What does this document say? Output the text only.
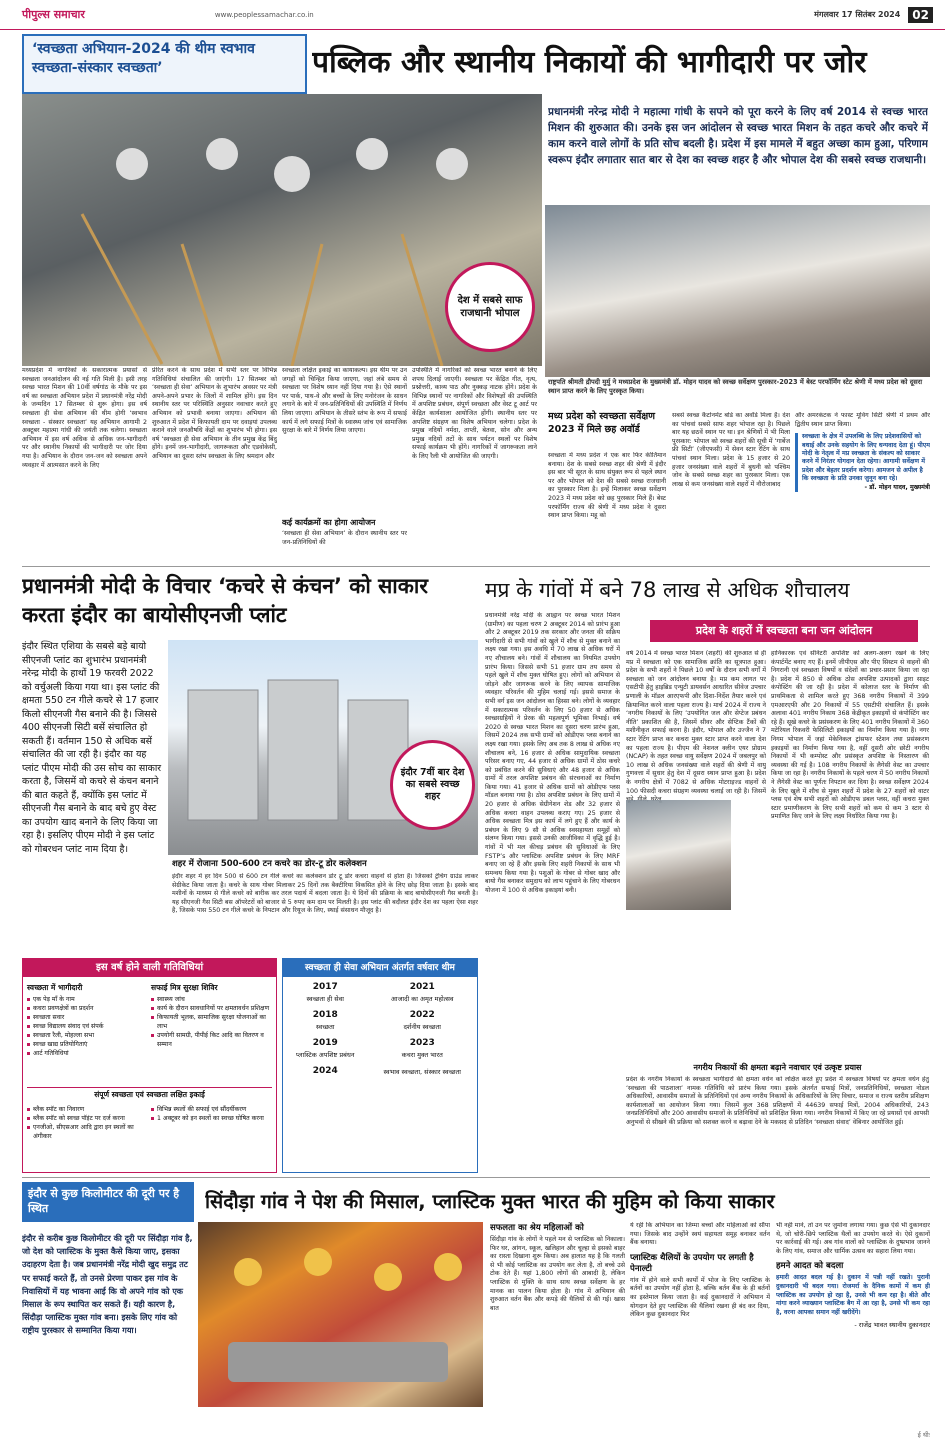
पीपुल्स समाचार	www.peoplessamachar.co.in	मंगलवार 17 सितंबर 2024	02
‘स्वच्छता अभियान-2024 की थीम स्वभाव स्वच्छता-संस्कार स्वच्छता’	पब्लिक और स्थानीय निकायों की भागीदारी पर जोर
देश में सबसे साफ राजधानी भोपाल
प्रधानमंत्री नरेन्द्र मोदी ने महात्मा गांधी के सपने को पूरा करने के लिए वर्ष 2014 से स्वच्छ भारत मिशन की शुरुआत की। उनके इस जन आंदोलन से स्वच्छ भारत मिशन के तहत कचरे और कचरे में काम करने वाले लोगों के प्रति सोच बदली है। प्रदेश में इस मामले में बहुत अच्छा काम हुआ, परिणाम स्वरूप इंदौर लगातार सात बार से देश का स्वच्छ शहर है और भोपाल देश की सबसे स्वच्छ राजधानी।
राष्ट्रपति श्रीमती द्रौपदी मुर्मु ने मध्यप्रदेश के मुख्यमंत्री डॉ. मोहन यादव को स्वच्छ सर्वेक्षण पुरस्कार-2023 में बेस्ट परफॉर्मिंग स्टेट श्रेणी में मध्य प्रदेश को दूसरा स्थान प्राप्त करने के लिए पुरस्कृत किया।
मध्यप्रदेश में नागरिकों के सकारात्मक प्रयासों से स्वच्छता जनआंदोलन की नई गति मिली है। इसी तरह स्वच्छ भारत मिशन की 10वीं वर्षगांठ के मौके पर इस वर्ष का स्वच्छता अभियान प्रदेश में प्रधानमंत्री नरेंद्र मोदी के जन्मदिन 17 सितम्बर से शुरू होगा। इस वर्ष स्वच्छता ही सेवा अभियान की थीम होगी ‘स्वभाव स्वच्छता - संस्कार स्वच्छता’ यह अभियान आगामी 2 अक्टूबर महात्मा गांधी की जयंती तक चलेगा। स्वच्छता अभियान में इस वर्ष अधिक से अधिक जन-भागीदारी पर और स्थानीय निकायों की भागीदारी पर जोर दिया गया है। अभियान के दौरान जन-जन को स्वच्छता अपने व्यवहार में आत्मसात करने के लिए
प्रेरित करने के साथ प्रदेश में सभी स्तर पर विभिन्न गतिविधियां संचालित की जाएंगी। 17 सितम्बर को ‘स्वच्छता ही सेवा’ अभियान के शुभारंभ अवसर पर मंत्री अपने-अपने प्रभार के जिलों में शामिल होंगे। इस दिन स्थानीय स्तर पर परिस्थिति अनुसार नवाचार करते हुए अभियान को प्रभावी बनाया जाएगा। अभियान की शुरुआत में प्रदेश में किफायती दाम पर दवाइयां उपलब्ध कराने वाले जनऔषधि केंद्रों का शुभारंभ भी होगा। इस वर्ष ‘स्वच्छता ही सेवा अभियान के तीन प्रमुख केंद्र बिंदु होंगे। इनमें जन-भागीदारी, जागरूकता और एडवोकेसी, अभियान का दूसरा स्तंभ स्वच्छता के लिए श्रमदान और
स्वच्छता लक्षित इकाई का कायाकल्प। इस थीम पर उन जगहों को चिन्हित किया जाएगा, जहां लंबे समय से स्वच्छता पर विशेष ध्यान नहीं दिया गया है। ऐसे स्थानों पर पार्क, पाथ-वे और बच्चों के लिए मनोरंजन के साधन लगाने के बारे में जन-प्रतिनिधियों की उपस्थिति में निर्णय लिया जाएगा। अभियान के तीसरे स्तंभ के रूप में सफाई कार्य में लगे सफाई मित्रों के स्वास्थ्य जांच एवं सामाजिक सुरक्षा के बारे में निर्णय लिया जाएगा।
कई कार्यक्रमों का होगा आयोजन
‘स्वच्छता ही सेवा अभियान’ के दौरान स्थानीय स्तर पर जन-प्रतिनिधियों की
उपस्थिति में नागरिकों को स्वच्छ भारत बनाने के लिए शपथ दिलाई जाएगी। स्वच्छता पर केंद्रित गीत, नृत्य, प्रश्नोत्तरी, काव्य पाठ और नुक्कड़ नाटक होंगे। प्रदेश के विभिन्न स्थानों पर नागरिकों और विशेषज्ञों की उपस्थिति में अपशिष्ट प्रबंधन, संपूर्ण स्वच्छता और वेस्ट टू आर्ट पर केंद्रित कार्यशाला आयोजित होंगी। स्थानीय स्तर पर अपशिष्ट संग्रहण का विशेष अभियान चलेगा। प्रदेश के प्रमुख नदियों नर्मदा, ताप्ती, बेतवा, सोन और अन्य प्रमुख नदियों तटों के साथ पर्यटन स्थलों पर विशेष सफाई कार्यक्रम भी होंगे। नागरिकों में जागरूकता लाने के लिए रैली भी आयोजित की जाएगी।
मध्य प्रदेश को स्वच्छता सर्वेक्षण 2023 में मिले छह अवॉर्ड
स्वच्छता में मध्य प्रदेश ने एक बार फिर कीर्तिमान बनाया। देश के सबसे स्वच्छ शहर की श्रेणी में इंदौर इस बार भी सूरत के साथ संयुक्त रूप से पहले स्थान पर और भोपाल को देश की सबसे स्वच्छ राजधानी का पुरस्कार मिला है। इन्हें मिलाकर स्वच्छ सर्वेक्षण 2023 में मध्य प्रदेश को छह पुरस्कार मिले हैं। बेस्ट परफॉर्मिंग राज्य की श्रेणी में मध्य प्रदेश ने दूसरा स्थान प्राप्त किया। महू को
सबसे स्वच्छ कैंटोनमेंट बोर्ड का अवॉर्ड मिला है। देश का पांचवां सबसे साफ शहर भोपाल रहा है। पिछले बार यह छठवें स्थान पर था। इन श्रेणियों में भी मिला पुरस्कार: भोपाल को स्वच्छ शहरों की सूची में ‘गार्बेज फ्री सिटी’ (जीएफसी) में सेवन स्टार रेटिंग के साथ पांचवां स्थान मिला। प्रदेश के 15 हजार से 20 हजार जनसंख्या वाले शहरों में बुधनी को पश्चिम जोन के सबसे स्वच्छ शहर का पुरस्कार मिला। एक लाख से कम जनसंख्या वाले शहरों में नौरोजाबाद
और अमरकंटक ने फास्ट मूविंग सिटी श्रेणी में प्रथम और द्वितीय स्थान प्राप्त किया।
स्वच्छता के क्षेत्र में उपलब्धि के लिए प्रदेशवासियों को बधाई और उनके सहयोग के लिए धन्यवाद देता हूं। पीएम मोदी के नेतृत्व में मप्र स्वच्छता के संकल्प को साकार करने में निरंतर योगदान देता रहेगा। आगामी सर्वेक्षण में प्रदेश और बेहतर प्रदर्शन करेगा। आमजन से अपील है कि स्वच्छता के प्रति उनका जुनून बना रहे।
- डॉ. मोहन यादव, मुख्यमंत्री
प्रधानमंत्री मोदी के विचार ‘कचरे से कंचन’ को साकार करता इंदौर का बायोसीएनजी प्लांट
इंदौर स्थित एशिया के सबसे बड़े बायो सीएनजी प्लांट का शुभारंभ प्रधानमंत्री नरेन्द्र मोदी के हाथों 19 फरवरी 2022 को वर्चुअली किया गया था। इस प्लांट की क्षमता 550 टन गीले कचरे से 17 हजार किलो सीएनजी गैस बनाने की है। जिससे 400 सीएनजी सिटी बसें संचालित हो सकती हैं। वर्तमान 150 से अधिक बसें संचालित की जा रही है। इंदौर का यह प्लांट पीएम मोदी की उस सोच का साकार करता है, जिसमें वो कचरे से कंचन बनाने की बात कहते हैं, क्योंकि इस प्लांट में सीएनजी गैस बनाने के बाद बचे हुए वेस्ट का उपयोग खाद बनाने के लिए किया जा रहा है। इसलिए पीएम मोदी ने इस प्लांट को गोबरधन प्लांट नाम दिया है।
इंदौर 7वीं बार देश का सबसे स्वच्छ शहर
शहर में रोजाना 500-600 टन कचरे का डोर-टू डोर कलेक्शन
इंदौर शहर में हर दिन 500 से 600 टन गीले कचरे का कलेक्शन डोर टू डोर कचरा वाहनों से होता है। जिसको ट्रेचिंग ग्राउंड लाकर सेग्रीकेट किया जाता है। कचरे के साथ गोबर मिलाकर 25 दिनों तक बैक्टीरिया विकसित होने के लिए छोड़ दिया जाता है। इसके बाद मशीनों के माध्यम से गीले कचरे को बारीक कर तरल पदार्थ में बदला जाता है। ये दिनों की प्रक्रिया के बाद बायोसीएनजी गैस बनती है। यह सीएनजी गैस सिटी बस ऑपरेटरों को बाजार से 5 रुपए कम दाम पर मिलती है। इस प्लांट की बदौलत इंदौर देश का पहला ऐसा शहर है, जिसके पास 550 टन गीले कचरे के निपटान और रियूज के लिए, स्थाई संसाधन मौजूद है।
इस वर्ष होने वाली गतिविधियां
स्वच्छता में भागीदारी
एक पेड़ माँ के नाम
कचरा प्रवणक्षेत्रों का प्रदर्शन
स्वच्छता सवार
स्वच्छ विद्यालय संवाद एवं संपर्क
स्वच्छता रैली, मोहल्ला सभा
स्वच्छ खाद्य प्रतियोगिताएं
आर्ट गतिविधियां
सफाई मित्र सुरक्षा शिविर
स्वास्थ्य जांच
कार्य के दौरान सावधानियों पर क्षमतावर्धन प्रशिक्षण
किफायती भूलक, सामाजिक सुरक्षा योजनाओं का लाभ
उपयोगी सामग्री, पीपीई किट आदि का वितरण व सम्मान
संपूर्ण स्वच्छता एवं स्वच्छता लक्षित इकाई
ब्लैक स्पॉट का निवारण
ब्लैक स्पॉट को स्वच्छ पॉइंट पर दर्ज करना
एनजीओ, सीएसआर आदि द्वारा इन स्थलों का अंगीकार
विभिन्न स्थलों की सफाई एवं सौंदर्यीकरण
1 अक्टूबर को इन स्थलों का स्वच्छ घोषित करना
स्वच्छता ही सेवा अभियान अंतर्गत वर्षवार थीम
2017	2021
स्वच्छता ही सेवा	आजादी का अमृत महोत्सव
2018	2022
स्वच्छता	दर्शनीय स्वच्छता
2019	2023
प्लास्टिक अपशिष्ट प्रबंधन	कचरा मुक्त भारत
2024	स्वभाव स्वच्छता, संस्कार स्वच्छता
मप्र के गांवों में बने 78 लाख से अधिक शौचालय
प्रधानमंत्री नरेंद्र मोदी के आह्वान पर स्वच्छ भारत मिशन (ग्रामीण) का पहला चरण 2 अक्टूबर 2014 को प्रारंभ हुआ और 2 अक्टूबर 2019 तक सरकार और जनता की सक्रिय भागीदारी से सभी गांवों को खुले में शौच से मुक्त बनाने का लक्ष्य रखा गया। इस अवधि में 70 लाख से अधिक घरों में नए शौचालय बने। गांवों में शौचालय का नियमित उपयोग प्रारंभ किया। जिससे सभी 51 हजार ग्राम तय समय से पहले खुले में शौच मुक्त घोषित हुए। लोगों को अभियान से जोड़ने और जागरूक करने के लिए व्यापक सामाजिक व्यवहार परिवर्तन की मुहिम चलाई गई। इससे समाज के सभी वर्ग इस जन आंदोलन का हिस्सा बने। लोगों के व्यवहार में सकारात्मक परिवर्तन के लिए 50 हजार से अधिक स्वच्छाग्रहियों ने प्रेरक की महत्वपूर्ण भूमिका निभाई। वर्ष 2020 से स्वच्छ भारत मिशन का दूसरा चरण प्रारंभ हुआ, जिसमें 2024 तक सभी ग्रामों को ओडीएफ प्लस बनाने का लक्ष्य रखा गया। इसके लिए अब तक 8 लाख से अधिक नए शौचालय बने, 16 हजार से अधिक सामुदायिक स्वच्छता परिसर बनाए गए, 44 हजार से अधिक ग्रामों में ठोस कचरे को प्रबंधित करने की सुविधाएं और 48 हजार से अधिक ग्रामों में तरल अपशिष्ट प्रबंधन की संरचनाओं का निर्माण किया गया। 41 हजार से अधिक ग्रामों को ओडीएफ प्लस मॉडल बनाया गया है। ठोस अपशिष्ट प्रबंधन के लिए ग्रामों में 20 हजार से अधिक सेग्रीगेशन शेड और 32 हजार से अधिक कचरा वाहन उपलब्ध कराए गए। 25 हजार से अधिक स्वच्छता मित्र इस कार्य में लगे हुए हैं और कार्य के प्रबंधन के लिए 9 सौ से अधिक स्वसहायता समूहों को संलग्न किया गया। इससे उनकी आजीविका में वृद्धि हुई है। गांवों में भी मल कीचड़ प्रबंधन की सुविधाओं के लिए FSTP’s और प्लास्टिक अपशिष्ट प्रबंधन के लिए MRF बनाए जा रहे हैं और इसके लिए शहरी निकायों के साथ भी समन्वय किया गया है। पशुओं के गोबर से गोबर खाद और बायो गैस बनाकर समुदाय को लाभ पहुंचाने के लिए गोबरधन योजना में 100 से अधिक इकाइयां बनी।
प्रदेश के शहरों में स्वच्छता बना जन आंदोलन
वर्ष 2014 में स्वच्छ भारत मिशन (शहरी) की शुरुआत से ही मप्र में स्वच्छता को एक सामाजिक क्रांति का सूत्रपात हुआ। प्रदेश के सभी शहरों ने पिछले 10 वर्षों के दौरान सभी वर्गों में स्वच्छता को जन आंदोलन बनाया है। मप्र कम लागत पर एसटीपी हेतु हाइब्रिड एन्युटी डायवर्सन आधारित सीवेज उपचार प्रणाली के मॉडल आरएफपी और दिशा-निर्देश तैयार करने एवं क्रियान्वित करने वाला पहला राज्य है। मार्च 2024 में राज्य ने ‘नगरीय निकायों के लिए ’उपयोगित जल और सेप्टेज प्रबंधन नीति’ प्रकाशित की है, जिसमें सीवर और सेप्टिक टैंकों की मशीनीकृत सफाई करना है। इंदौर, भोपाल और उज्जैन ने 7 स्टार रेटिंग प्राप्त कर कचरा मुक्त स्टार प्राप्त करने वाला देश का पहला राज्य है। पीएम की नेशनल क्लीन एयर प्रोग्राम (NCAP) के तहत स्वच्छ वायु सर्वेक्षण 2024 में जबलपुर को 10 लाख से अधिक जनसंख्या वाले शहरों की श्रेणी में वायु गुणवत्ता में सुधार हेतु देश में दूसरा स्थान प्राप्त हुआ है। प्रदेश के नगरीय क्षेत्रों में 7082 से अधिक मोटराइज्ड वाहनों से 100 फीसदी कचरा संग्रहण व्यवस्था चलाई जा रही है। जिसमें
हानिकारक एवं सेनिटरी अपशिष्ट को अलग-अलग रखने के लिए कंपार्टमेंट बनाए गए हैं। इनमें जीपीएस और पीए सिस्टम से वाहनों की निगरानी एवं स्वच्छता विषयों व संदेशों का प्रचार-प्रसार किया जा रहा है। प्रदेश में 850 से अधिक ठोस अपशिष्ट उत्पादकों द्वारा साइट कंपोस्टिंग की जा रही है। प्रदेश में कोलाज स्तर के निर्माण की प्राथमिकता से शामिल करते हुए 368 नगरीय निकायों में 399 एमआरएफी और 20 निकायों में 55 एसटीपी संचालित हैं। इसके अलावा 401 नगरीय निकाय 368 केंद्रीकृत इकाइयों से कंपोस्टिंग कर रहे हैं। सूखे कचरे के प्रसंस्करण के लिए 401 नगरीय निकायों में 360 मटेरियल रिकवरी फेसिलिटी इकाइयों का निर्माण किया गया है। नगर निगम भोपाल में जहां मेकेनिकल ट्रांसफर स्टेशन तथा प्रसंस्करण इकाइयों का निर्माण किया गया है, वहीं दूसरी ओर छोटी नगरीय निकायों में भी कम्पोस्ट और प्रसंस्कृत अपशिष्ट के निस्तारण की व्यवस्था की गई है। 108 नगरीय निकायों के लैगेसी वेस्ट का उपचार किया जा रहा है। नगरीय निकायों के पहले चरण में 50 नगरीय निकायों ने लैगेसी वेस्ट का पूर्णतः निपटान कर दिया है। स्वच्छ सर्वेक्षण 2024 के लिए खुले में शौच से मुक्त शहरों में प्रदेश के 27 शहरों को वाटर प्लस एवं शेष सभी शहरों को ओडीएफ डबल प्लस, वहीं कचरा मुक्त स्टार प्रमाणीकरण के लिए सभी शहरों को कम से कम 3 स्टार से प्रमाणित किए जाने के लिए लक्ष्य निर्धारित किया गया है।
नगरीय निकायों की क्षमता बढ़ाने नवाचार एवं उत्कृष्ट प्रयास
प्रदेश के नगरीय निकायों के स्वच्छता भागीदारों की क्षमता वर्धन को लक्षित करते हुए प्रदेश में स्वच्छता विषयों पर क्षमता वर्धन हेतु ‘स्वच्छता की पाठशाला’ नामक गतिविधि को प्रारंभ किया गया। इसके अंतर्गत सफाई मित्रों, जनप्रतिनिधियों, स्वच्छता नोडल अधिकारियों, आवासीय समाजों के प्रतिनिधियों एवं अन्य नगरीय निकायों के अधिकारियों के लिए विचार, समाज व राज्य स्तरीय प्रशिक्षण कार्यशालाओं का आयोजन किया गया। जिसमें कुल 368 प्रशिक्षणों में 44639 सफाई मित्रों, 2004 अधिकारियों, 243 जनप्रतिनिधियों और 200 आवासीय समाजों के प्रतिनिधियों को प्रशिक्षित किया गया। नगरीय निकायों में किए जा रहे प्रयासों एवं आपसी अनुभवों से सीखने की प्रक्रिया को सशक्त करने व बढ़ावा देने के मकसद से प्रतिदिन ‘स्वच्छता संवाद’ वेबिनार आयोजित हुई।
इंदौर से कुछ किलोमीटर की दूरी पर है स्थित	सिंदौड़ा गांव ने पेश की मिसाल, प्लास्टिक मुक्त भारत की मुहिम को किया साकार
इंदौर से करीब कुछ किलोमीटर की दूरी पर सिंदौड़ा गांव है, जो देश को प्लास्टिक के मुक्त कैसे किया जाए, इसका उदाहरण देता है। जब प्रधानमंत्री नरेंद्र मोदी खुद समुद्र तट पर सफाई करते हैं, तो उनसे प्रेरणा पाकर इस गांव के निवासियों में यह भावना आई कि वो अपने गांव को एक मिसाल के रूप स्थापित कर सकते हैं। यही कारण है, सिंदौड़ा प्लास्टिक मुक्त गांव बना। इसके लिए गांव को राष्ट्रीय पुरस्कार से सम्मानित किया गया।
सफलता का श्रेय महिलाओं को
सिंदौड़ा गांव के लोगों ने पहले मन से प्लास्टिक को निकाला। फिर घर, आंगन, स्कूल, खलिहान और चूल्हा से इसको बाहर का रास्ता दिखाना शुरू किया। अब हालात यह है कि गलती से भी कोई प्लास्टिक का उपयोग कर लेता है, तो बच्चे उसे टोक देते हैं। यहां 1,800 लोगों की आबादी है, लेकिन प्लास्टिक से मुक्ति के साथ साथ स्वच्छ सर्वेक्षण के हर मानक का पालन किया होता है। गांव में अभियान की शुरुआत वर्तन बैंक और कपड़े की थैलियों से की गई। खास बात
ये रही कि अभियान का जिम्मा बच्चों और महिलाओं को सौंपा गया। जिसके बाद उन्होंने स्वयं सहायता समूह बनाकर वर्तन बैंक बनाया।
प्लास्टिक थैलियों के उपयोग पर लगती है पेनाल्टी
गांव में होने वाले सभी कार्यों में भोज के लिए प्लास्टिक के बर्तनों का उपयोग नहीं होता है, बल्कि बर्तन बैंक के ही बर्तनों का इस्तेमाल किया जाता है। कई दुकानदारों ने अभियान में योगदान देते हुए प्लास्टिक की थैलियां रखना ही बंद कर दिया, लेकिन कुछ दुकानदार फिर
भी नहीं माने, तो उन पर जुर्माना लगाया गया। कुछ ऐसे भी दुकानदार थे, जो चोरी-छिपे प्लास्टिक थैलों का उपयोग करते थे। ऐसे दुकानों पर कार्रवाई की गई। अब गांव वालों को प्लास्टिक के दुष्प्रभाव जानने के लिए गांव, समाज और धार्मिक उत्सव का सहारा लिया गया।
हमने आदत को बदला
हमारी आदत बदल गई है। दुकान में पन्नी नहीं रखते। पुरानी दुकानदारी भी बदल गया। रोजमर्रा के दैनिक कामों में कम ही प्लास्टिक का उपयोग हो रहा है, उनसे भी कम रहा है। बीते और मांगा करने व्याख्यान प्लास्टिक बैग में आ रहा है, उनसे भी कम रहा है, वरना आपका समान नहीं खरीदेंगे।
- राजेंद्र भावत स्थानीय दुकानदार
ई थीः
